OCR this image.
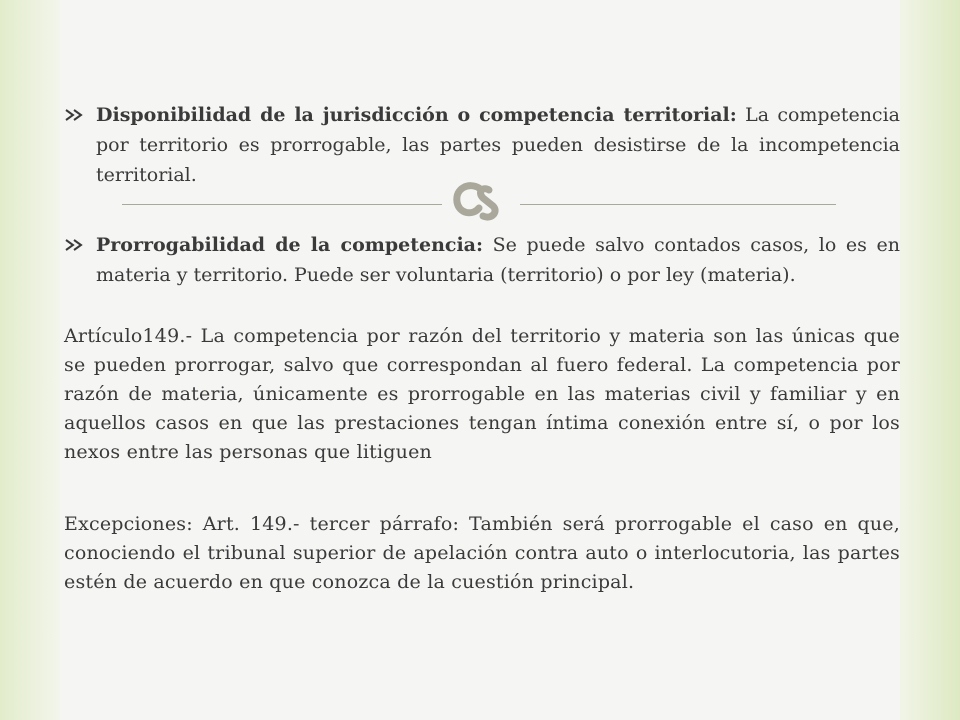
Disponibilidad de la jurisdicción o competencia territorial: La competencia por territorio es prorrogable, las partes pueden desistirse de la incompetencia territorial.
Prorrogabilidad de la competencia: Se puede salvo contados casos, lo es en materia y territorio. Puede ser voluntaria (territorio) o por ley (materia).

Artículo149.- La competencia por razón del territorio y materia son las únicas que se pueden prorrogar, salvo que correspondan al fuero federal. La competencia por razón de materia, únicamente es prorrogable en las materias civil y familiar y en aquellos casos en que las prestaciones tengan íntima conexión entre sí, o por los nexos entre las personas que litiguen

Excepciones: Art. 149.- tercer párrafo: También será prorrogable el caso en que, conociendo el tribunal superior de apelación contra auto o interlocutoria, las partes estén de acuerdo en que conozca de la cuestión principal.
